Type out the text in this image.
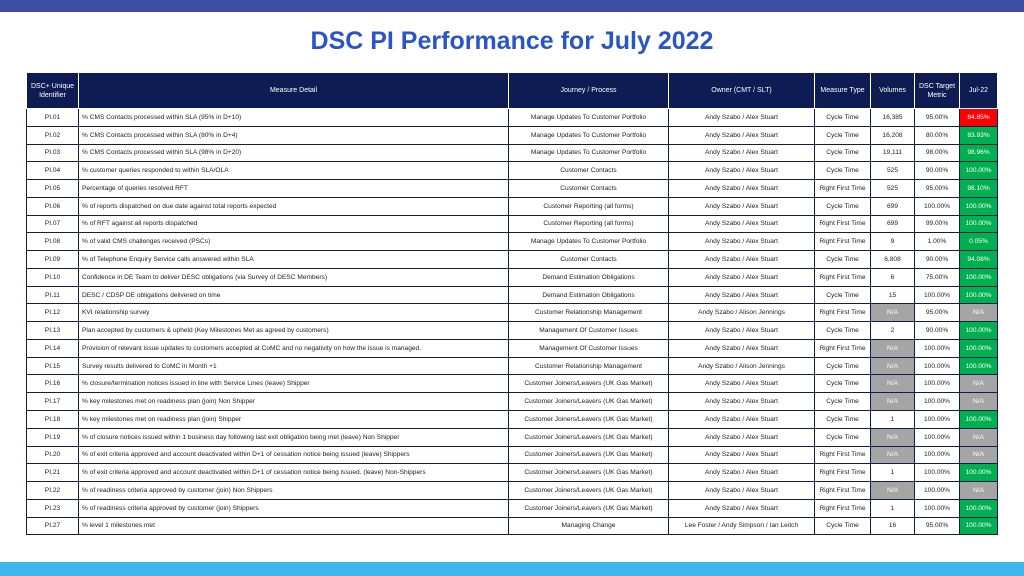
DSC PI Performance for July 2022
DSC+ Unique Identifier	Measure Detail	Journey / Process	Owner (CMT / SLT)	Measure Type	Volumes	DSC Target Metric	Jul-22
PI.01	% CMS Contacts processed within SLA (95% in D+10)	Manage Updates To Customer Portfolio	Andy Szabo / Alex Stuart	Cycle Time	16,385	95.00%	84.85%
PI.02	% CMS Contacts processed within SLA (80% in D+4)	Manage Updates To Customer Portfolio	Andy Szabo / Alex Stuart	Cycle Time	16,208	80.00%	83.93%
PI.03	% CMS Contacts processed within SLA (98% in D+20)	Manage Updates To Customer Portfolio	Andy Szabo / Alex Stuart	Cycle Time	19,111	98.00%	98.96%
PI.04	% customer queries responded to within SLA/OLA	Customer Contacts	Andy Szabo / Alex Stuart	Cycle Time	525	90.00%	100.00%
PI.05	Percentage of queries resolved RFT	Customer Contacts	Andy Szabo / Alex Stuart	Right First Time	525	95.00%	98.10%
PI.06	% of reports dispatched on due date against total reports expected	Customer Reporting (all forms)	Andy Szabo / Alex Stuart	Cycle Time	699	100.00%	100.00%
PI.07	% of RFT against all reports dispatched	Customer Reporting (all forms)	Andy Szabo / Alex Stuart	Right First Time	699	99.00%	100.00%
PI.08	% of valid CMS challenges received (PSCs)	Manage Updates To Customer Portfolio	Andy Szabo / Alex Stuart	Right First Time	9	1.00%	0.05%
PI.09	% of Telephone Enquiry Service calls answered within SLA	Customer Contacts	Andy Szabo / Alex Stuart	Cycle Time	6,808	90.00%	94.08%
PI.10	Confidence in DE Team to deliver DESC obligations (via Survey of DESC Members)	Demand Estimation Obligations	Andy Szabo / Alex Stuart	Right First Time	6	75.00%	100.00%
PI.11	DESC / CDSP DE obligations delivered on time	Demand Estimation Obligations	Andy Szabo / Alex Stuart	Cycle Time	15	100.00%	100.00%
PI.12	KVI relationship survey	Customer Relationship Management	Andy Szabo / Alison Jennings	Right First Time	N/A	95.00%	N/A
PI.13	Plan accepted by customers & upheld (Key Milestones Met as agreed by customers)	Management Of Customer Issues	Andy Szabo / Alex Stuart	Cycle Time	2	90.00%	100.00%
PI.14	Provision of relevant issue updates to customers accepted at CoMC and no negativity on how the issue is managed.	Management Of Customer Issues	Andy Szabo / Alex Stuart	Right First Time	N/A	100.00%	100.00%
PI.15	Survey results delivered to CoMC in Month +1	Customer Relationship Management	Andy Szabo / Alison Jennings	Cycle Time	N/A	100.00%	100.00%
PI.16	% closure/termination notices issued in line with Service Lines (leave) Shipper	Customer Joiners/Leavers (UK Gas Market)	Andy Szabo / Alex Stuart	Cycle Time	N/A	100.00%	N/A
PI.17	% key milestones met on readiness plan (join) Non Shipper	Customer Joiners/Leavers (UK Gas Market)	Andy Szabo / Alex Stuart	Cycle Time	N/A	100.00%	N/A
PI.18	% key milestones met on readiness plan (join) Shipper	Customer Joiners/Leavers (UK Gas Market)	Andy Szabo / Alex Stuart	Cycle Time	1	100.00%	100.00%
PI.19	% of closure notices issued within 1 business day following last exit obligation being met (leave) Non Shipper	Customer Joiners/Leavers (UK Gas Market)	Andy Szabo / Alex Stuart	Cycle Time	N/A	100.00%	N/A
PI.20	% of exit criteria approved and account deactivated within D+1 of cessation notice being issued (leave) Shippers	Customer Joiners/Leavers (UK Gas Market)	Andy Szabo / Alex Stuart	Right First Time	N/A	100.00%	N/A
PI.21	% of exit criteria approved and account deactivated within D+1 of cessation notice being issued. (leave) Non-Shippers	Customer Joiners/Leavers (UK Gas Market)	Andy Szabo / Alex Stuart	Right First Time	1	100.00%	100.00%
PI.22	% of readiness criteria approved by customer (join) Non Shippers	Customer Joiners/Leavers (UK Gas Market)	Andy Szabo / Alex Stuart	Right First Time	N/A	100.00%	N/A
PI.23	% of readiness criteria approved by customer (join) Shippers	Customer Joiners/Leavers (UK Gas Market)	Andy Szabo / Alex Stuart	Right First Time	1	100.00%	100.00%
PI.27	% level 1 milestones met	Managing Change	Lee Foster / Andy Simpson / Ian Leitch	Cycle Time	16	95.00%	100.00%
